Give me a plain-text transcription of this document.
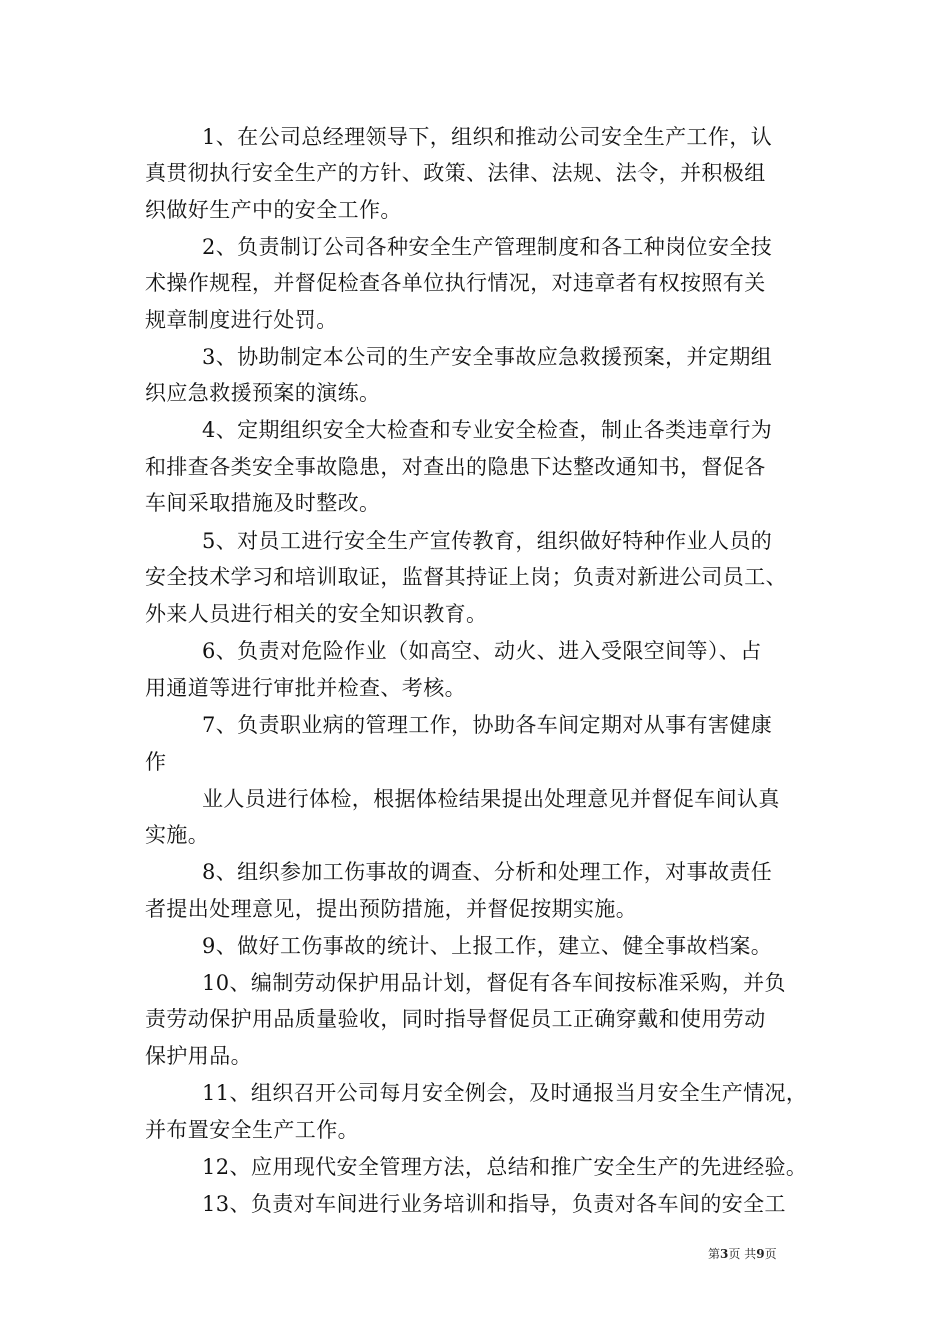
1、在公司总经理领导下，组织和推动公司安全生产工作，认

真贯彻执行安全生产的方针、政策、法律、法规、法令，并积极组

织做好生产中的安全工作。

2、负责制订公司各种安全生产管理制度和各工种岗位安全技

术操作规程，并督促检查各单位执行情况，对违章者有权按照有关

规章制度进行处罚。

3、协助制定本公司的生产安全事故应急救援预案，并定期组

织应急救援预案的演练。

4、定期组织安全大检查和专业安全检查，制止各类违章行为

和排查各类安全事故隐患，对查出的隐患下达整改通知书，督促各

车间采取措施及时整改。

5、对员工进行安全生产宣传教育，组织做好特种作业人员的

安全技术学习和培训取证，监督其持证上岗；负责对新进公司员工、

外来人员进行相关的安全知识教育。

6、负责对危险作业（如高空、动火、进入受限空间等）、占

用通道等进行审批并检查、考核。

7、负责职业病的管理工作，协助各车间定期对从事有害健康

作

业人员进行体检，根据体检结果提出处理意见并督促车间认真

实施。

8、组织参加工伤事故的调查、分析和处理工作，对事故责任

者提出处理意见，提出预防措施，并督促按期实施。

9、做好工伤事故的统计、上报工作，建立、健全事故档案。

10、编制劳动保护用品计划，督促有各车间按标准采购，并负

责劳动保护用品质量验收，同时指导督促员工正确穿戴和使用劳动

保护用品。

11、组织召开公司每月安全例会，及时通报当月安全生产情况，

并布置安全生产工作。

12、应用现代安全管理方法，总结和推广安全生产的先进经验。

13、负责对车间进行业务培训和指导，负责对各车间的安全工

第3页 共9页
